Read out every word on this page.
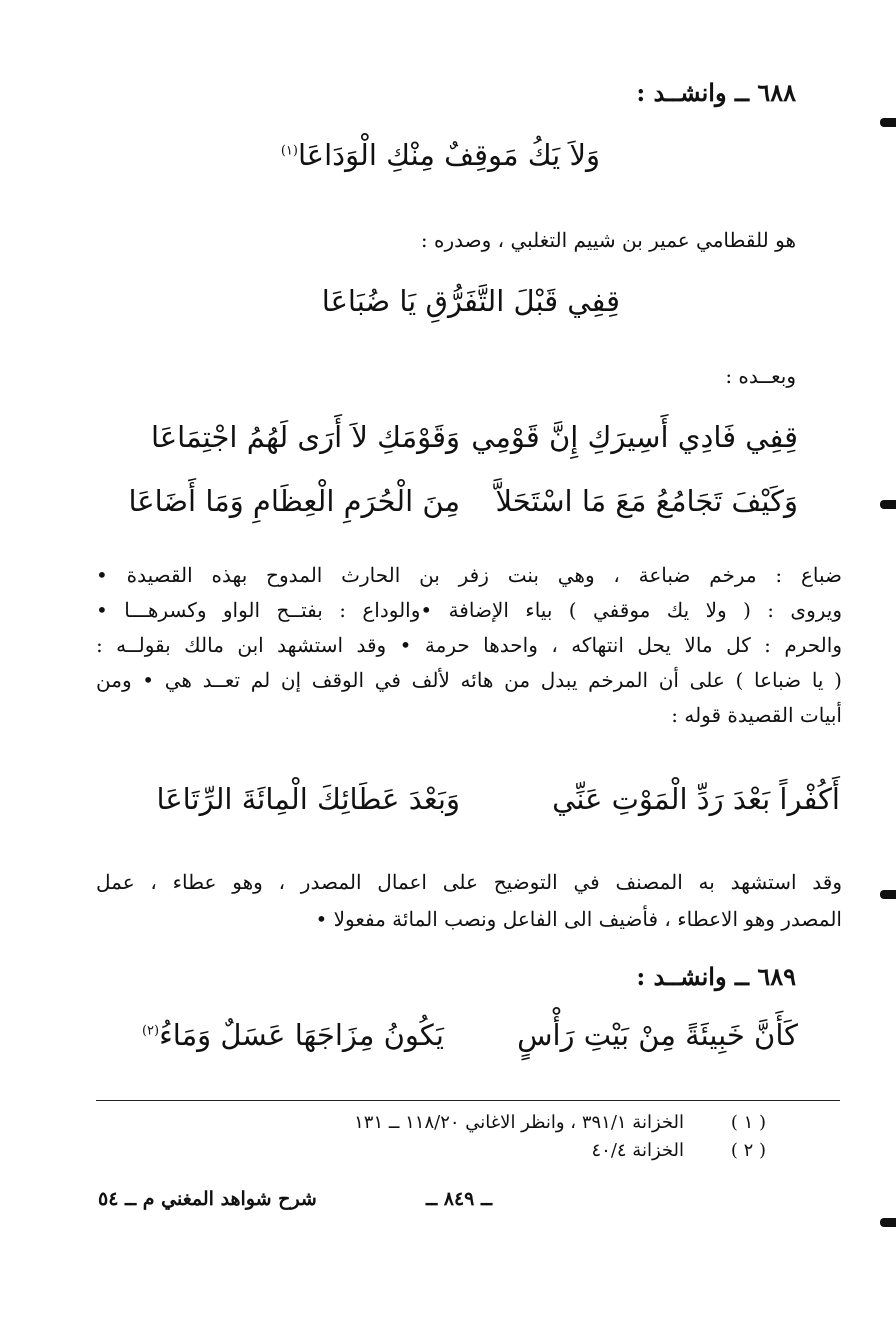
٦٨٨ ــ وانشــد :
وَلاَ يَكُ مَوقِفٌ مِنْكِ الْوَدَاعَا$^{(١)}$
هو للقطامي عمير بن شييم التغلبي ، وصدره :
قِفِي قَبْلَ التَّفَرُّقِ يَا ضُبَاعَا
وبعــده :
قِفِي فَادِي أَسِيرَكِ إِنَّ قَوْمِي
وَقَوْمَكِ لاَ أَرَى لَهُمُ اجْتِمَاعَا
وَكَيْفَ تَجَامُعُ مَعَ مَا اسْتَحَلاَّ
مِنَ الْحُرَمِ الْعِظَامِ وَمَا أَضَاعَا
ضباع : مرخم ضباعة ، وهي بنت زفر بن الحارث المدوح بهذه القصيدة •
ويروى : ( ولا يك موقفي ) بياء الإضافة •والوداع : بفتــح الواو وكسرهـــا •
والحرم : كل مالا يحل انتهاكه ، واحدها حرمة • وقد استشهد ابن مالك بقولــه :
( يا ضباعا ) على أن المرخم يبدل من هائه لألف في الوقف إن لم تعــد هي • ومن
أبيات القصيدة قوله :
أَكُفْراً بَعْدَ رَدِّ الْمَوْتِ عَنِّي
وَبَعْدَ عَطَائِكَ الْمِائَةَ الرِّتَاعَا
وقد استشهد به المصنف في التوضيح على اعمال المصدر ، وهو عطاء ، عمل
المصدر وهو الاعطاء ، فأضيف الى الفاعل ونصب المائة مفعولا •
٦٨٩ ــ وانشــد :
كَأَنَّ خَبِيئَةً مِنْ بَيْتِ رَأْسٍ
يَكُونُ مِزَاجَهَا عَسَلٌ وَمَاءُ$^{(٢)}$
( ١ )
الخزانة ٣٩١/١ ، وانظر الاغاني ١١٨/٢٠ ــ ١٣١
( ٢ )
الخزانة ٤٠/٤
شرح شواهد المغني م ــ ٥٤	ــ ٨٤٩ ــ
